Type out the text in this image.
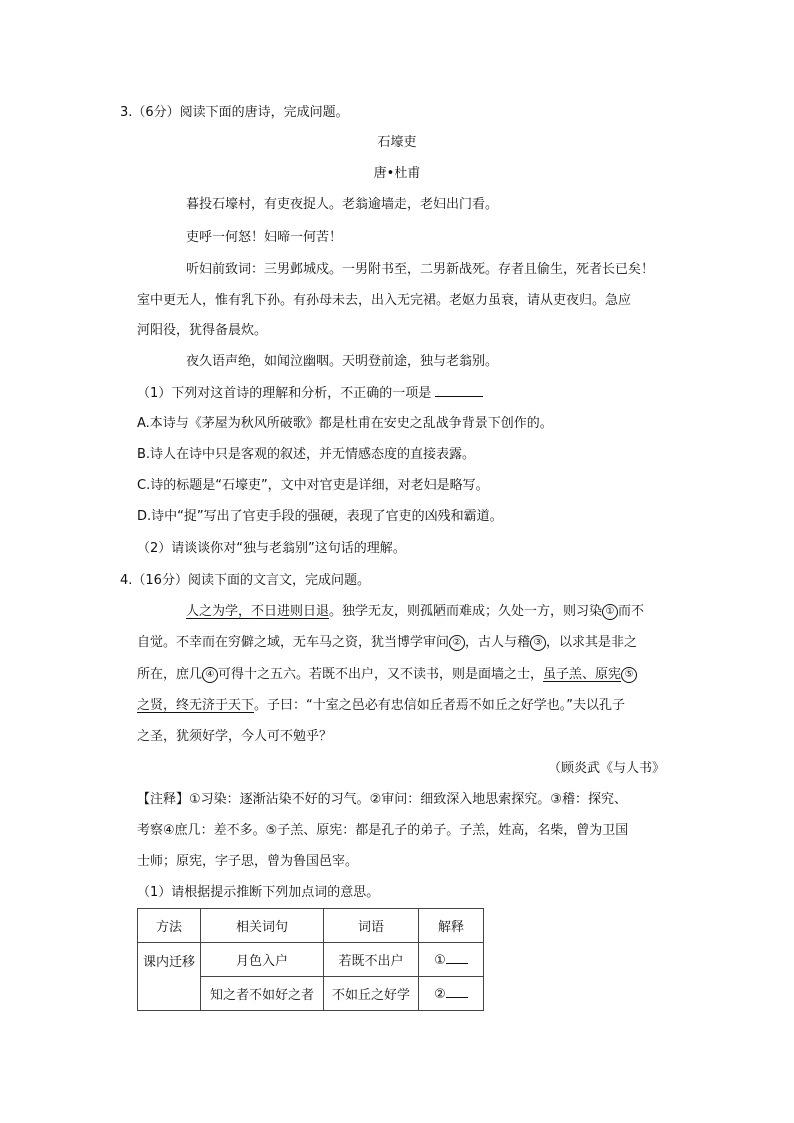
3.（6分）阅读下面的唐诗，完成问题。
石壕吏
唐•杜甫
暮投石壕村，有吏夜捉人。老翁逾墙走，老妇出门看。
吏呼一何怒！妇啼一何苦！
听妇前致词：三男邺城戍。一男附书至，二男新战死。存者且偷生，死者长已矣！
室中更无人，惟有乳下孙。有孙母未去，出入无完裙。老妪力虽衰，请从吏夜归。急应
河阳役，犹得备晨炊。
夜久语声绝，如闻泣幽咽。天明登前途，独与老翁别。
（1）下列对这首诗的理解和分析，不正确的一项是
A.本诗与《茅屋为秋风所破歌》都是杜甫在安史之乱战争背景下创作的。
B.诗人在诗中只是客观的叙述，并无情感态度的直接表露。
C.诗的标题是“石壕吏”，文中对官吏是详细，对老妇是略写。
D.诗中“捉”写出了官吏手段的强硬，表现了官吏的凶残和霸道。
（2）请谈谈你对“独与老翁别”这句话的理解。
4.（16分）阅读下面的文言文，完成问题。
人之为学，不日进则日退。独学无友，则孤陋而难成；久处一方，则习染 ① 而不
自觉。不幸而在穷僻之域，无车马之资，犹当博学审问 ② ，古人与稽 ③ ，以求其是非之
所在，庶几 ④ 可得十之五六。若既不出户，又不读书，则是面墙之士，虽子羔、原宪 ⑤
之贤，终无济于天下。子曰：“十室之邑必有忠信如丘者焉不如丘之好学也。”夫以孔子
之圣，犹须好学，今人可不勉乎？
（顾炎武《与人书》
【注释】①习染：逐渐沾染不好的习气。②审问：细致深入地思索探究。③稽：探究、
考察④庶几：差不多。⑤子羔、原宪：都是孔子的弟子。子羔，姓高，名柴，曾为卫国
士师；原宪，字子思，曾为鲁国邑宰。
（1）请根据提示推断下列加点词的意思。
方法	相关词句	词语	解释
课内迁移	月色入户	若既不出户	①
	知之者不如好之者	不如丘之好学	②
